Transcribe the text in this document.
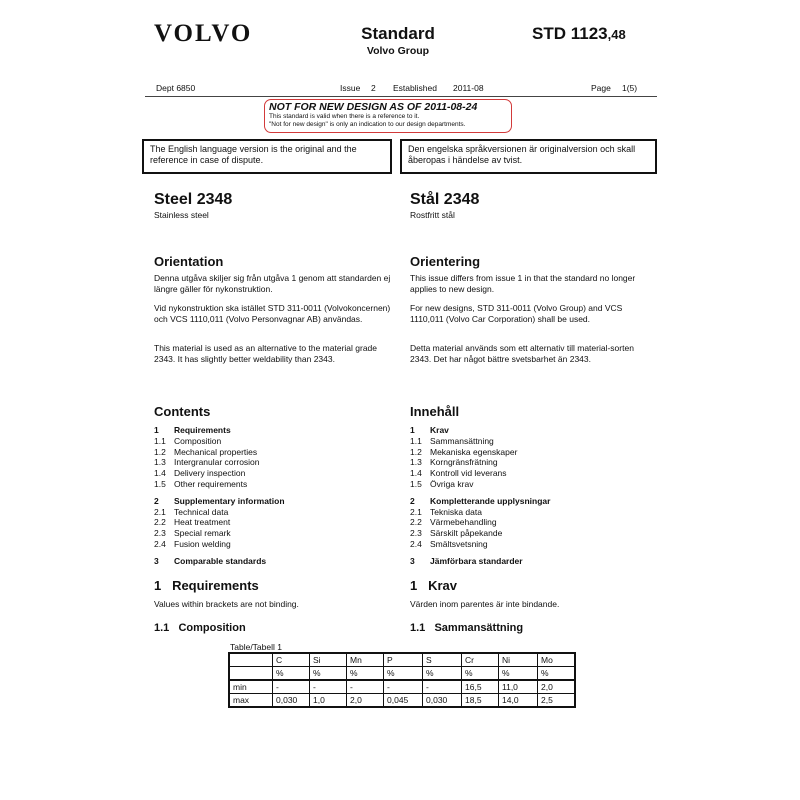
VOLVO	Standard
Volvo Group
STD 1123,48
Dept 6850	Issue 2 Established 2011-08	Page 1(5)
NOT FOR NEW DESIGN AS OF 2011-08-24
This standard is valid when there is a reference to it.
"Not for new design" is only an indication to our design departments.
The English language version is the original and the reference in case of dispute.
Den engelska språkversionen är originalversion och skall åberopas i händelse av tvist.
Steel 2348
Stainless steel
Stål 2348
Rostfritt stål
Orientation
Denna utgåva skiljer sig från utgåva 1 genom att standarden ej längre gäller för nykonstruktion.
Vid nykonstruktion ska istället STD 311-0011 (Volvokoncernen) och VCS 1110,011 (Volvo Personvagnar AB) användas.
This material is used as an alternative to the material grade 2343. It has slightly better weldability than 2343.
Orientering
This issue differs from issue 1 in that the standard no longer applies to new design.
For new designs, STD 311-0011 (Volvo Group) and VCS 1110,011 (Volvo Car Corporation) shall be used.
Detta material används som ett alternativ till material-sorten 2343. Det har något bättre svetsbarhet än 2343.
Contents
1 Requirements
1.1 Composition
1.2 Mechanical properties
1.3 Intergranular corrosion
1.4 Delivery inspection
1.5 Other requirements
2 Supplementary information
2.1 Technical data
2.2 Heat treatment
2.3 Special remark
2.4 Fusion welding
3 Comparable standards
Innehåll
1 Krav
1.1 Sammansättning
1.2 Mekaniska egenskaper
1.3 Korngränsfrätning
1.4 Kontroll vid leverans
1.5 Övriga krav
2 Kompletterande upplysningar
2.1 Tekniska data
2.2 Värmebehandling
2.3 Särskilt påpekande
2.4 Smältsvetsning
3 Jämförbara standarder
1   Requirements
Values within brackets are not binding.
1   Krav
Värden inom parentes är inte bindande.
1.1   Composition	1.1   Sammansättning
Table/Tabell 1
	C	Si	Mn	P	S	Cr	Ni	Mo
	%	%	%	%	%	%	%	%
min	-	-	-	-	-	16,5	11,0	2,0
max	0,030	1,0	2,0	0,045	0,030	18,5	14,0	2,5
